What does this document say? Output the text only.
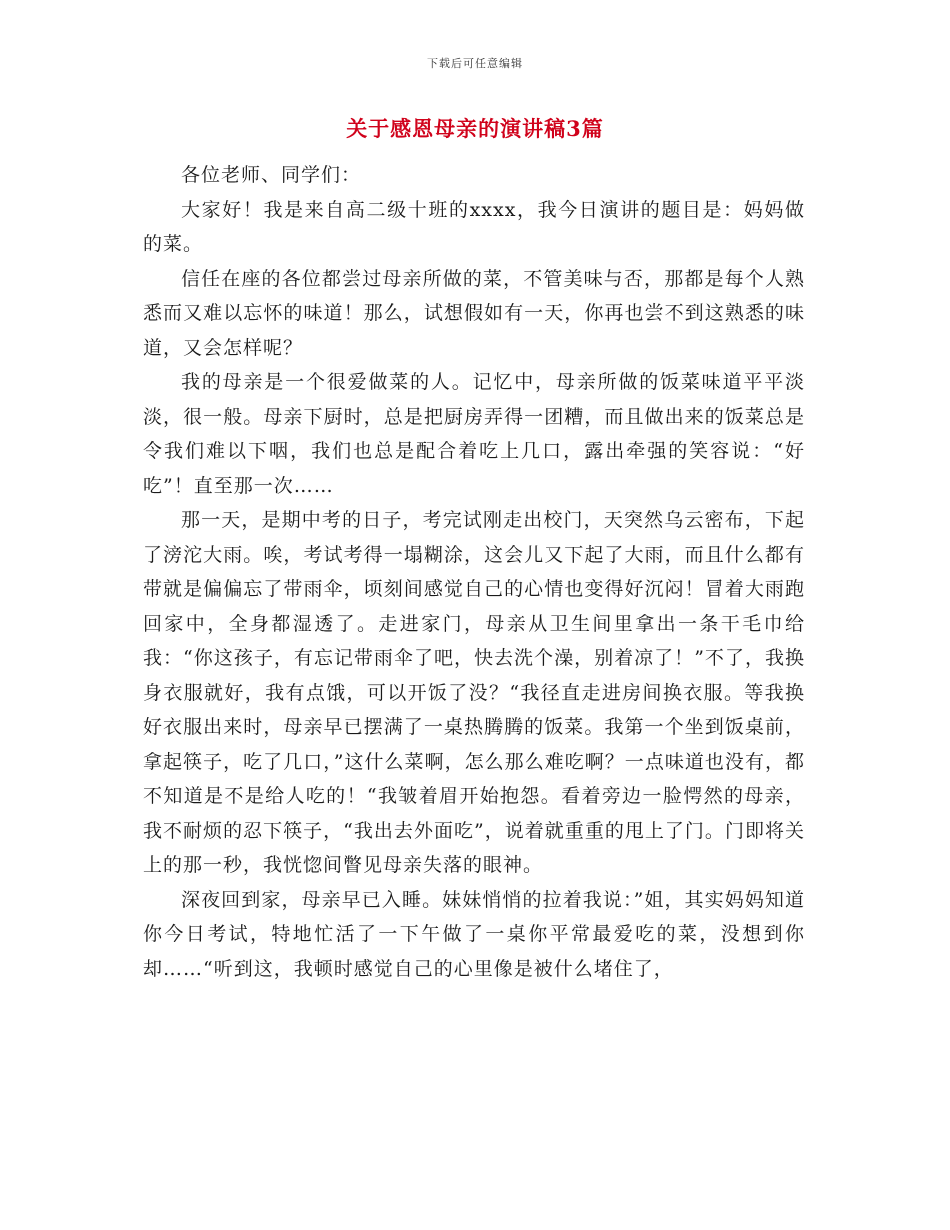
下载后可任意编辑
关于感恩母亲的演讲稿3篇

各位老师、同学们：

大家好！我是来自高二级十班的xxxx，我今日演讲的题目是：妈妈做的菜。

信任在座的各位都尝过母亲所做的菜，不管美味与否，那都是每个人熟悉而又难以忘怀的味道！那么，试想假如有一天，你再也尝不到这熟悉的味道，又会怎样呢？

我的母亲是一个很爱做菜的人。记忆中，母亲所做的饭菜味道平平淡淡，很一般。母亲下厨时，总是把厨房弄得一团糟，而且做出来的饭菜总是令我们难以下咽，我们也总是配合着吃上几口，露出牵强的笑容说：“好吃”！直至那一次……

那一天，是期中考的日子，考完试刚走出校门，天突然乌云密布，下起了滂沱大雨。唉，考试考得一塌糊涂，这会儿又下起了大雨，而且什么都有带就是偏偏忘了带雨伞，顷刻间感觉自己的心情也变得好沉闷！冒着大雨跑回家中，全身都湿透了。走进家门，母亲从卫生间里拿出一条干毛巾给我：“你这孩子，有忘记带雨伞了吧，快去洗个澡，别着凉了！”不了，我换身衣服就好，我有点饿，可以开饭了没？“我径直走进房间换衣服。等我换好衣服出来时，母亲早已摆满了一桌热腾腾的饭菜。我第一个坐到饭桌前，拿起筷子，吃了几口，”这什么菜啊，怎么那么难吃啊？一点味道也没有，都不知道是不是给人吃的！“我皱着眉开始抱怨。看着旁边一脸愕然的母亲，我不耐烦的忍下筷子，“我出去外面吃”，说着就重重的甩上了门。门即将关上的那一秒，我恍惚间瞥见母亲失落的眼神。

深夜回到家，母亲早已入睡。妹妹悄悄的拉着我说：”姐，其实妈妈知道你今日考试，特地忙活了一下午做了一桌你平常最爱吃的菜，没想到你却……“听到这，我顿时感觉自己的心里像是被什么堵住了，
